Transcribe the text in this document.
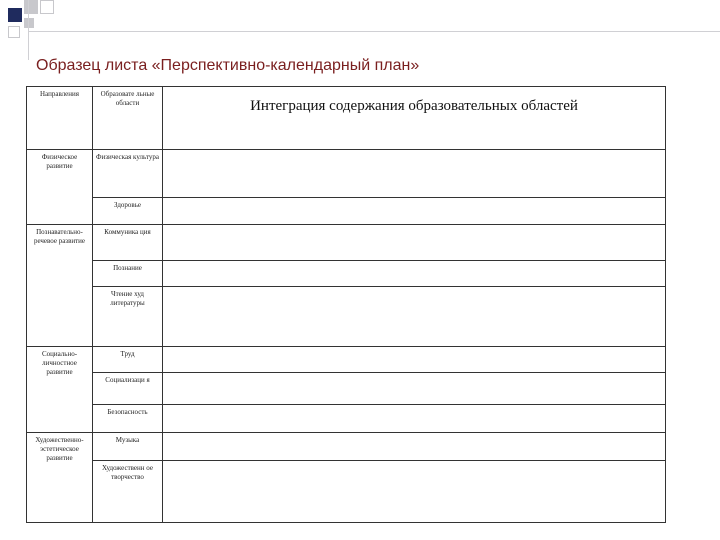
Образец листа «Перспективно-календарный план»
Направления	Образовате льные области	Интеграция содержания образовательных областей
Физическое развитие	Физическая культура	
	Здоровье	
Познавательно-речевое развитие	Коммуника ция	
	Познание	
	Чтение худ литературы	
Социально-личностное развитие	Труд	
	Социализаци я	
	Безопасность	
Художественно-эстетическое развитие	Музыка	
	Художественн ое творчество	
